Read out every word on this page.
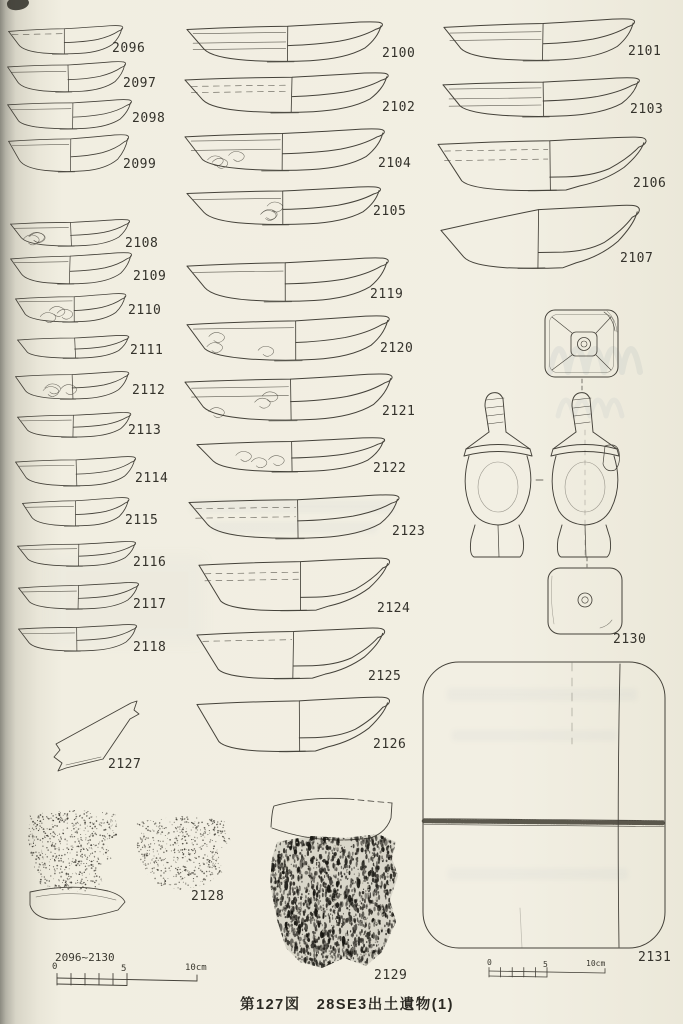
2096
2097
2098
2099
2108
2109
2110
2111
2112
2113
2114
2115
2116
2117
2118
2100
2102
2104
2105
2119
2120
2121
2122
2123
2124
2125
2126
2101
2103
2106
2107
2127
2128
2129
2130
2131
2096~2130
0	5	10cm
0	5	10cm
第127図　28SE3出土遺物(1)
